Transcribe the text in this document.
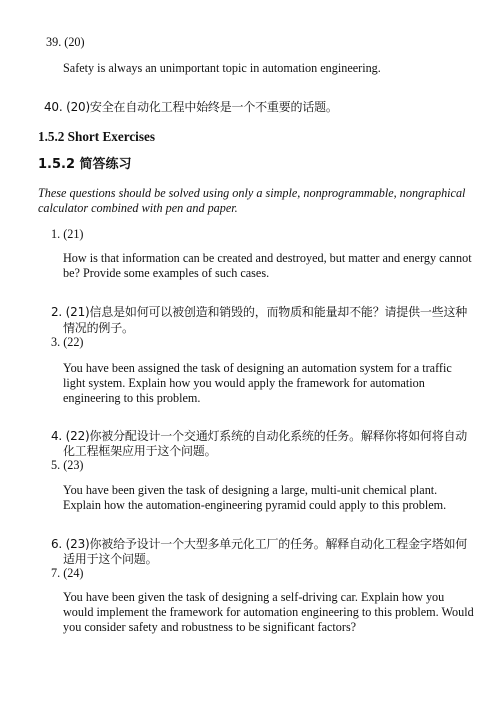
39. (20)
Safety is always an unimportant topic in automation engineering.
40. (20)安全在自动化工程中始终是一个不重要的话题。
1.5.2 Short Exercises
1.5.2 简答练习
These questions should be solved using only a simple, nonprogrammable, nongraphical
calculator combined with pen and paper.
1. (21)
How is that information can be created and destroyed, but matter and energy cannot
be? Provide some examples of such cases.
2. (21)信息是如何可以被创造和销毁的，而物质和能量却不能？请提供一些这种
情况的例子。
3. (22)
You have been assigned the task of designing an automation system for a traffic
light system. Explain how you would apply the framework for automation
engineering to this problem.
4. (22)你被分配设计一个交通灯系统的自动化系统的任务。解释你将如何将自动
化工程框架应用于这个问题。
5. (23)
You have been given the task of designing a large, multi-unit chemical plant.
Explain how the automation-engineering pyramid could apply to this problem.
6. (23)你被给予设计一个大型多单元化工厂的任务。解释自动化工程金字塔如何
适用于这个问题。
7. (24)
You have been given the task of designing a self-driving car. Explain how you
would implement the framework for automation engineering to this problem. Would
you consider safety and robustness to be significant factors?
